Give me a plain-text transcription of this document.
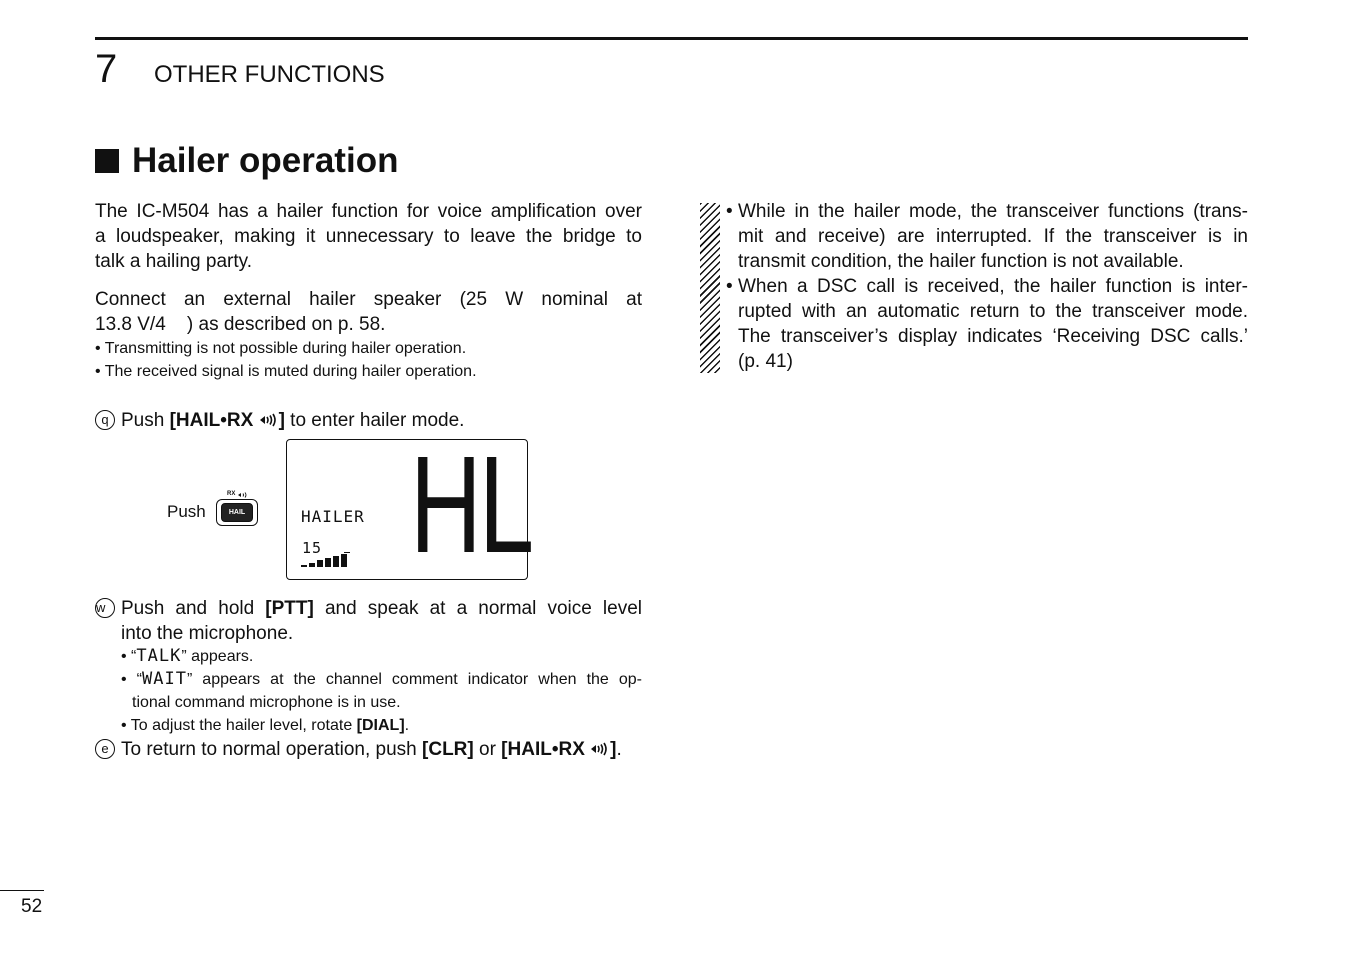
7 OTHER FUNCTIONS
Hailer operation
The IC-M504 has a hailer function for voice amplification over
a loudspeaker, making it unnecessary to leave the bridge to
talk a hailing party.
Connect an external hailer speaker (25 W nominal at
13.8 V/4    ) as described on p. 58.
• Transmitting is not possible during hailer operation.
• The received signal is muted during hailer operation.
q Push [HAIL•RX ] to enter hailer mode.
Push
RX
HAIL	HAILER
15 HL
w Push and hold [PTT] and speak at a normal voice level
into the microphone.
• “TALK” appears.
• “WAIT” appears at the channel comment indicator when the op-
tional command microphone is in use.
• To adjust the hailer level, rotate [DIAL].
e To return to normal operation, push [CLR] or [HAIL•RX ].
• While in the hailer mode, the transceiver functions (trans-
mit and receive) are interrupted. If the transceiver is in
transmit condition, the hailer function is not available.
• When a DSC call is received, the hailer function is inter-
rupted with an automatic return to the transceiver mode.
The transceiver’s display indicates ‘Receiving DSC calls.’
(p. 41)
52
